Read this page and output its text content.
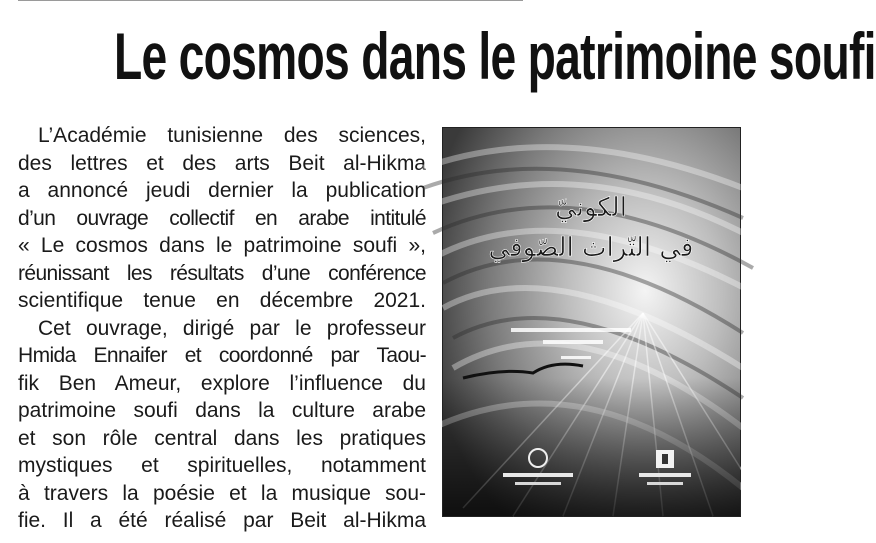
Le cosmos dans le patrimoine soufi
L’Académie tunisienne des sciences,
des lettres et des arts Beit al-Hikma
a annoncé jeudi dernier la publication
d’un ouvrage collectif en arabe intitulé
« Le cosmos dans le patrimoine soufi »,
réunissant les résultats d’une conférence
scientifique tenue en décembre 2021.
Cet ouvrage, dirigé par le professeur
Hmida Ennaifer et coordonné par Taou-
fik Ben Ameur, explore l’influence du
patrimoine soufi dans la culture arabe
et son rôle central dans les pratiques
mystiques et spirituelles, notamment
à travers la poésie et la musique sou-
fie. Il a été réalisé par Beit al-Hikma
الكونيّ
في التّراث الصّوفي
